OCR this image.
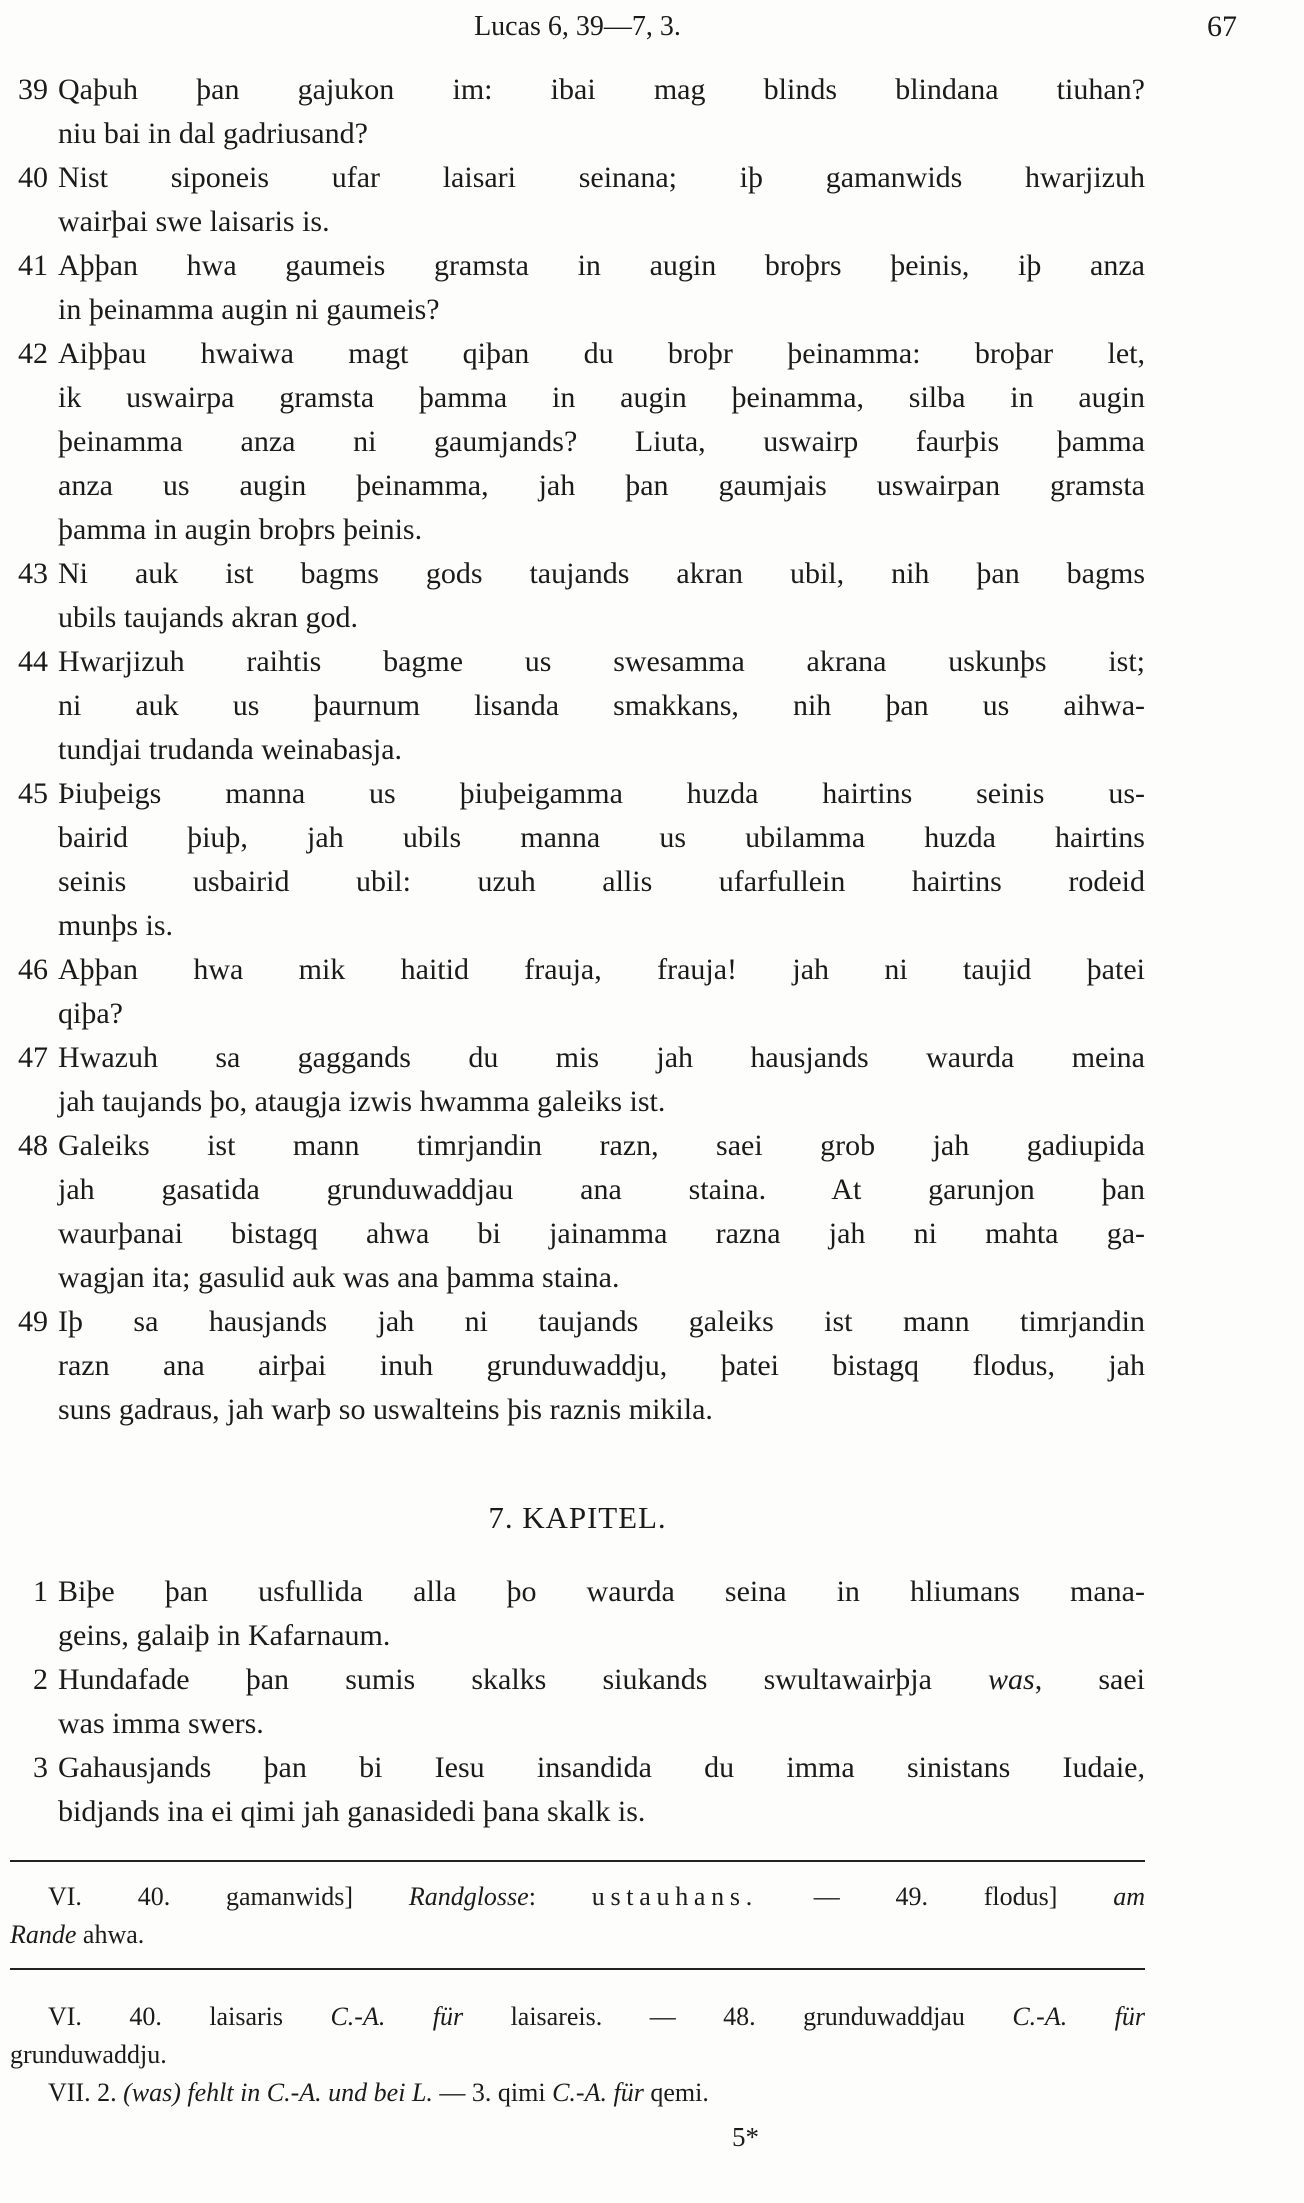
Lucas 6, 39—7, 3.	67
39 Qaþuh þan gajukon im: ibai mag blinds blindana tiuhan?
niu bai in dal gadriusand?
40 Nist siponeis ufar laisari seinana; iþ gamanwids hwarjizuh
wairþai swe laisaris is.
41 Aþþan hwa gaumeis gramsta in augin broþrs þeinis, iþ anza
in þeinamma augin ni gaumeis?
42 Aiþþau hwaiwa magt qiþan du broþr þeinamma: broþar let,
ik uswairpa gramsta þamma in augin þeinamma, silba in augin
þeinamma anza ni gaumjands? Liuta, uswairp faurþis þamma
anza us augin þeinamma, jah þan gaumjais uswairpan gramsta
þamma in augin broþrs þeinis.
43 Ni auk ist bagms gods taujands akran ubil, nih þan bagms
ubils taujands akran god.
44 Hwarjizuh raihtis bagme us swesamma akrana uskunþs ist;
ni auk us þaurnum lisanda smakkans, nih þan us aihwa-
tundjai trudanda weinabasja.
45 Þiuþeigs manna us þiuþeigamma huzda hairtins seinis us-
bairid þiuþ, jah ubils manna us ubilamma huzda hairtins
seinis usbairid ubil: uzuh allis ufarfullein hairtins rodeid
munþs is.
46 Aþþan hwa mik haitid frauja, frauja! jah ni taujid þatei
qiþa?
47 Hwazuh sa gaggands du mis jah hausjands waurda meina
jah taujands þo, ataugja izwis hwamma galeiks ist.
48 Galeiks ist mann timrjandin razn, saei grob jah gadiupida
jah gasatida grunduwaddjau ana staina. At garunjon þan
waurþanai bistagq ahwa bi jainamma razna jah ni mahta ga-
wagjan ita; gasulid auk was ana þamma staina.
49 Iþ sa hausjands jah ni taujands galeiks ist mann timrjandin
razn ana airþai inuh grunduwaddju, þatei bistagq flodus, jah
suns gadraus, jah warþ so uswalteins þis raznis mikila.
7. KAPITEL.
1 Biþe þan usfullida alla þo waurda seina in hliumans mana-
geins, galaiþ in Kafarnaum.
2 Hundafade þan sumis skalks siukands swultawairþja was, saei
was imma swers.
3 Gahausjands þan bi Iesu insandida du imma sinistans Iudaie,
bidjands ina ei qimi jah ganasidedi þana skalk is.
VI. 40. gamanwids] Randglosse: ustauhans. — 49. flodus] am
Rande ahwa.
VI. 40. laisaris C.-A. für laisareis. — 48. grunduwaddjau C.-A. für
grunduwaddju.
VII. 2. (was) fehlt in C.-A. und bei L. — 3. qimi C.-A. für qemi.
5*
